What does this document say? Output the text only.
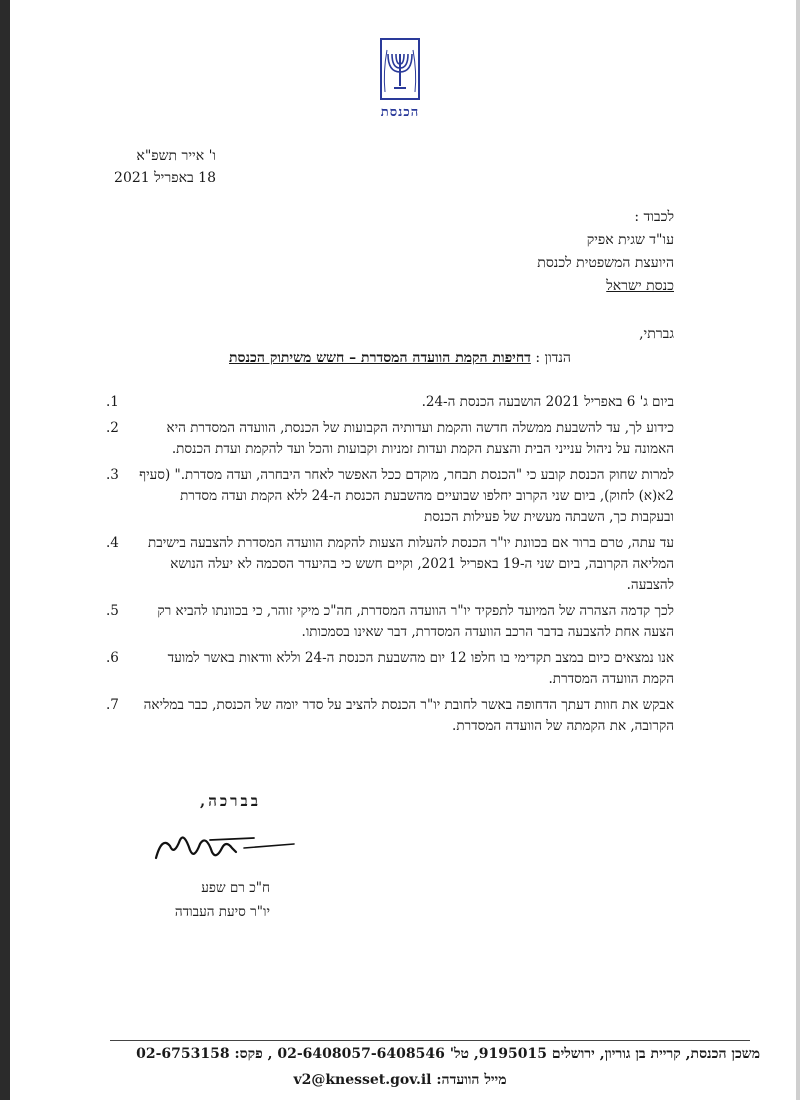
הכנסת
ו' אייר תשפ"א
18 באפריל 2021
לכבוד :
עו"ד שגית אפיק
היועצת המשפטית לכנסת
כנסת ישראל
גברתי,
הנדון : דחיפות הקמת הוועדה המסדרת – חשש משיתוק הכנסת
1.	ביום ג' 6 באפריל 2021 הושבעה הכנסת ה-24.
2.	כידוע לך, עד להשבעת ממשלה חדשה והקמת ועדותיה הקבועות של הכנסת, הוועדה המסדרת היא האמונה על ניהול ענייני הבית והצעת הקמת ועדות זמניות וקבועות והכל ועד להקמת ועדת הכנסת.
3. למרות שחוק הכנסת קובע כי "הכנסת תבחר, מוקדם ככל האפשר לאחר היבחרה, ועדה מסדרת." (סעיף 2א(א) לחוק), ביום שני הקרוב יחלפו שבועיים מהשבעת הכנסת ה-24 ללא הקמת ועדה מסדרת ובעקבות כך, השבתה מעשית של פעילות הכנסת
4. עד עתה, טרם ברור אם בכוונת יו"ר הכנסת להעלות הצעות להקמת הוועדה המסדרת להצבעה בישיבת המליאה הקרובה, ביום שני ה-19 באפריל 2021, וקיים חשש כי בהיעדר הסכמה לא יעלה הנושא להצבעה.
5.	לכך קדמה הצהרה של המיועד לתפקיד יו"ר הוועדה המסדרת, חה"כ מיקי זוהר, כי בכוונתו להביא רק הצעה אחת להצבעה בדבר הרכב הוועדה המסדרת, דבר שאינו בסמכותו.
6.	אנו נמצאים כיום במצב תקדימי בו חלפו 12 יום מהשבעת הכנסת ה-24 וללא וודאות באשר למועד הקמת הוועדה המסדרת.
7. אבקש את חוות דעתך הדחופה באשר לחובת יו"ר הכנסת להציב על סדר יומה של הכנסת, כבר במליאה הקרובה, את הקמתה של הוועדה המסדרת.
בברכה,
ח"כ רם שפע
יו"ר סיעת העבודה
משכן הכנסת, קריית בן גוריון, ירושלים 9195015, טל' 02-6408057-6408546 , פקס: 02-6753158
מייל הוועדה: v2@knesset.gov.il
